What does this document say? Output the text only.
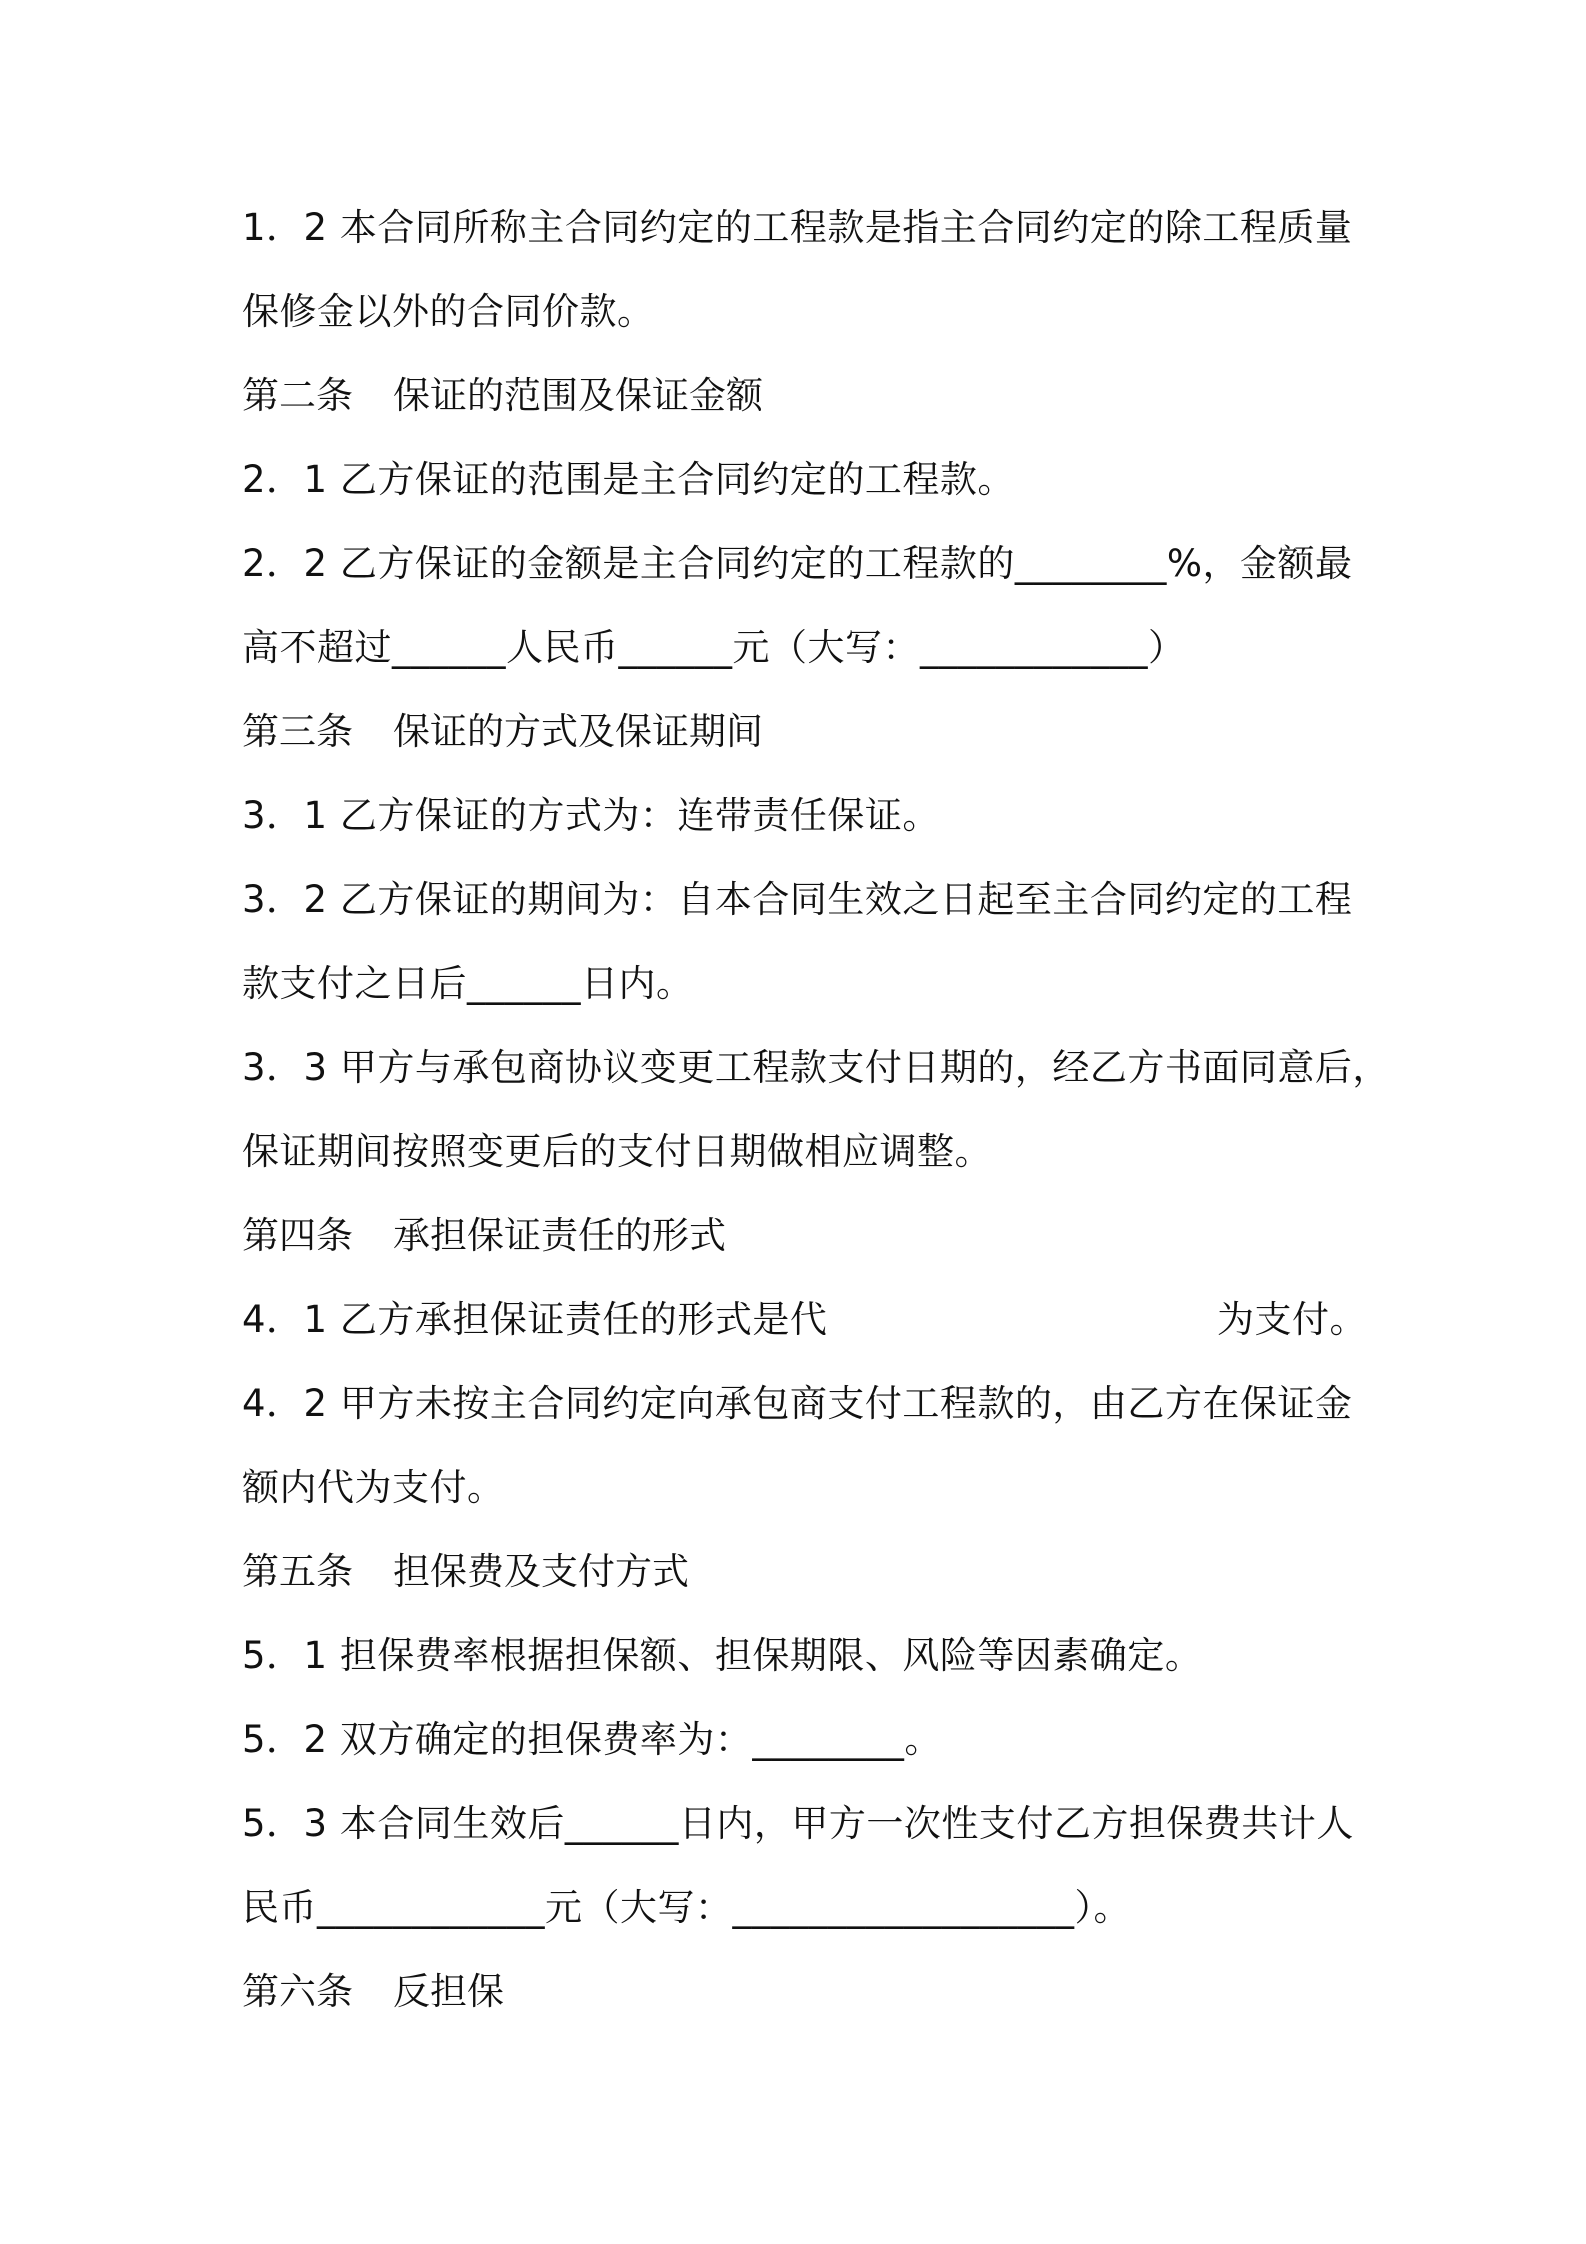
1．2 本合同所称主合同约定的工程款是指主合同约定的除工程质量
保修金以外的合同价款。
第二条 保证的范围及保证金额
2．1 乙方保证的范围是主合同约定的工程款。
2．2 乙方保证的金额是主合同约定的工程款的________%，金额最
高不超过______人民币______元（大写：____________）
第三条 保证的方式及保证期间
3．1 乙方保证的方式为：连带责任保证。
3．2 乙方保证的期间为：自本合同生效之日起至主合同约定的工程
款支付之日后______日内。
3．3 甲方与承包商协议变更工程款支付日期的，经乙方书面同意后，
保证期间按照变更后的支付日期做相应调整。
第四条 承担保证责任的形式
4．1 乙方承担保证责任的形式是代	为支付。
4．2 甲方未按主合同约定向承包商支付工程款的，由乙方在保证金
额内代为支付。
第五条 担保费及支付方式
5．1 担保费率根据担保额、担保期限、风险等因素确定。
5．2 双方确定的担保费率为：________。
5．3 本合同生效后______日内，甲方一次性支付乙方担保费共计人
民币____________元（大写：__________________）。
第六条 反担保
